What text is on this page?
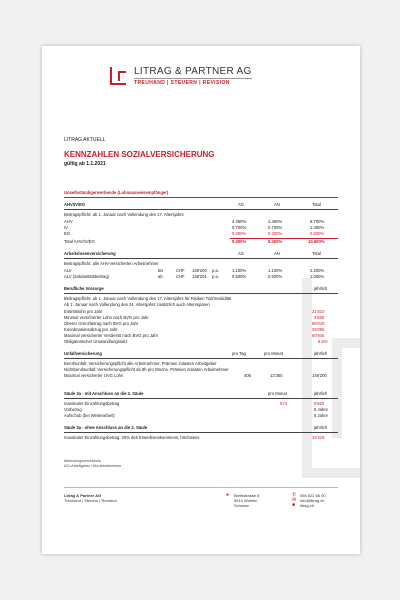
LITRAG & PARTNER AG
TREUHAND | STEUERN | REVISION
LITRAG AKTUELL
KENNZAHLEN SOZIALVERSICHERUNG
gültig ab 1.1.2021
Unselbständigerwerbende (Lohnausweisempfänger)
AHV/IV/EO	AG	AN	Total
Beitragspflicht: ab 1. Januar nach Vollendung des 17. Altersjahrs
AHV	4.350%	4.350%	8.700%
IV	0.700%	0.700%	1.400%
EO	0.250%	0.250%	0.500%
Total AHV/IV/EO	5.300%	5.300%	10.600%
Arbeitslosenversicherung	AG	AN	Total
Beitragspflicht: alle AHV-versicherten Arbeitnehmer
ALV	bis	CHF 148'200 p.a.	1.100%	1.100%	2.200%
ALV (Solidaritätsbeitrag)	ab	CHF 148'201 p.a.	0.500%	0.500%	1.000%
Berufliche Vorsorge	jährlich
Beitragspflicht: ab 1. Januar nach Vollendung des 17. Altersjahrs für Risiken Tod/Invalidität
Ab 1. Januar nach Vollendung des 24. Altersjahrs zusätzlich auch Alterssparen
Eintrittslohn pro Jahr	21'510
Minimal versicherter Lohn nach BVG pro Jahr	3'585
Oberer Grenzbetrag nach BVG pro Jahr	86'040
Koordinationsabzug pro Jahr	25'095
Maximal versicherter Verdienst nach BVG pro Jahr	60'945
Obligatorischer Umwandlungssatz	6.8%
Unfallversicherung	pro Tag	pro Monat	jährlich
Berufsunfall: Versicherungspflicht alle Arbeitnehmer. Prämien zulasten Arbeitgeber
Nichtberufsunfall: Versicherungspflicht ab 8h pro Woche. Prämien zulasten Arbeitnehmer
Maximal versicherter UVG Lohn	406	12'350	148'200
Säule 3a - mit Anschluss an die 2. Säule	pro Monat	jährlich
maximaler Einzahlungsbetrag	574	6'883
Vorbezug	5 Jahre
Aufschub (bei Weiterarbeit)	5 Jahre
Säule 3a - ohne Anschluss an die 2. Säule	jährlich
maximaler Einzahlungsbetrag: 20% des Erwerbseinkommens, höchstens	34'416
Abkürzungsverzeichnis
AG=Arbeitgeber / AN=Arbeitnehmer
Litrag & Partner AG
Treuhand | Steuern | Revision
● Breitistrasse 8
5610 Wohlen
Schweiz
✆
✉
■
056 622 66 00
info@litrag.ch
litrag.ch
